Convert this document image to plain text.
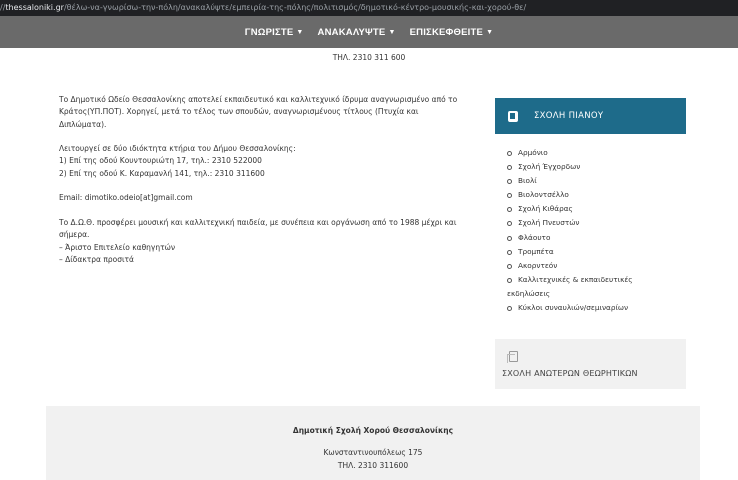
//thessaloniki.gr/θέλω-να-γνωρίσω-την-πόλη/ανακαλύψτε/εμπειρία-της-πόλης/πολιτισμός/δημοτικό-κέντρο-μουσικής-και-χορού-θε/
ΓΝΩΡΙΣΤΕ ▼ ΑΝΑΚΑΛΥΨΤΕ ▼ ΕΠΙΣΚΕΦΘΕΙΤΕ ▼
ΤΗΛ. 2310 311 600

Το Δημοτικό Ωδείο Θεσσαλονίκης αποτελεί εκπαιδευτικό και καλλιτεχνικό ίδρυμα αναγνωρισμένο από το
Κράτος(ΥΠ.ΠΟΤ). Χορηγεί, μετά το τέλος των σπουδών, αναγνωρισμένους τίτλους (Πτυχία και
Διπλώματα).

Λειτουργεί σε δύο ιδιόκτητα κτήρια του Δήμου Θεσσαλονίκης:
1) Επί της οδού Κουντουριώτη 17, τηλ.: 2310 522000
2) Επί της οδού Κ. Καραμανλή 141, τηλ.: 2310 311600

Email: dimotiko.odeio[at]gmail.com

Το Δ.Ω.Θ. προσφέρει μουσική και καλλιτεχνική παιδεία, με συνέπεια και οργάνωση από το 1988 μέχρι και
σήμερα.
– Άριστο Επιτελείο καθηγητών
– Δίδακτρα προσιτά

ΣΧΟΛΗ ΠΙΑΝΟΥ
Αρμόνιο
Σχολή Έγχορδων
Βιολί
Βιολοντσέλλο
Σχολή Κιθάρας
Σχολή Πνευστών
Φλάουτο
Τρομπέτα
Ακορντεόν
Καλλιτεχνικές & εκπαιδευτικές
εκδηλώσεις
Κύκλοι συναυλιών/σεμιναρίων
ΣΧΟΛΗ ΑΝΩΤΕΡΩΝ ΘΕΩΡΗΤΙΚΩΝ
Δημοτική Σχολή Χορού Θεσσαλονίκης
Κωνσταντινουπόλεως 175
ΤΗΛ. 2310 311600
